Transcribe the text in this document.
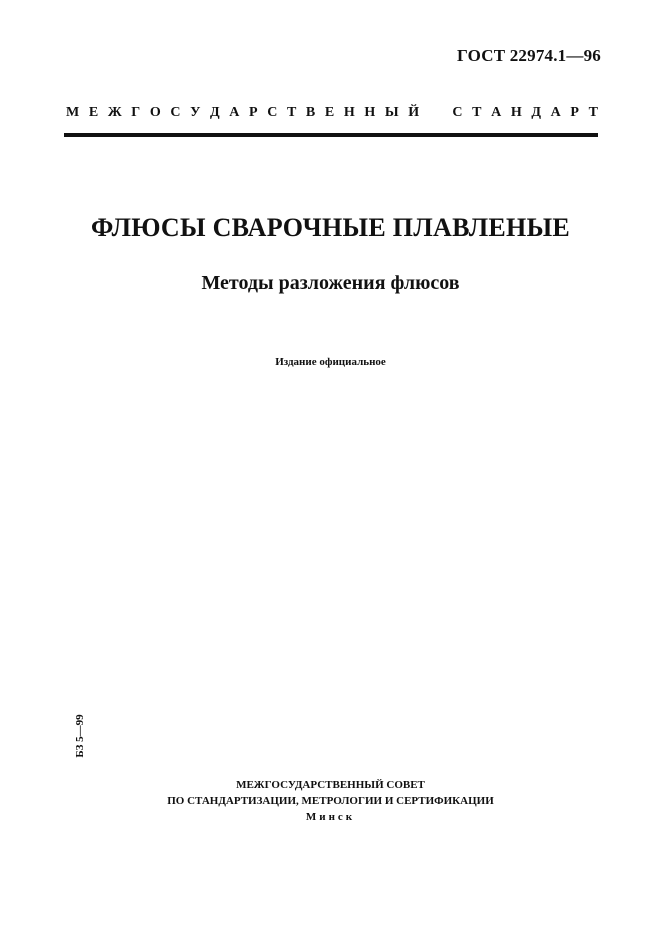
ГОСТ 22974.1—96
М Е Ж Г О С У Д А Р С Т В Е Н Н Ы Й С Т А Н Д А Р Т
ФЛЮСЫ СВАРОЧНЫЕ ПЛАВЛЕНЫЕ
Методы разложения флюсов
Издание официальное
БЗ 5—99
МЕЖГОСУДАРСТВЕННЫЙ СОВЕТ
ПО СТАНДАРТИЗАЦИИ, МЕТРОЛОГИИ И СЕРТИФИКАЦИИ
Минск
